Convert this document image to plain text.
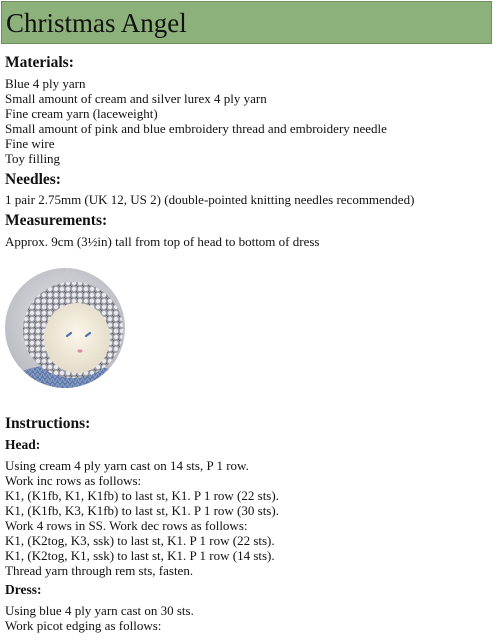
Christmas Angel
Materials:

Blue 4 ply yarn

Small amount of cream and silver lurex 4 ply yarn

Fine cream yarn (laceweight)

Small amount of pink and blue embroidery thread and embroidery needle

Fine wire

Toy filling

Needles:

1 pair 2.75mm (UK 12, US 2) (double-pointed knitting needles recommended)

Measurements:

Approx. 9cm (3½in) tall from top of head to bottom of dress

Instructions:
Head:

Using cream 4 ply yarn cast on 14 sts, P 1 row.

Work inc rows as follows:

K1, (K1fb, K1, K1fb) to last st, K1. P 1 row (22 sts).

K1, (K1fb, K3, K1fb) to last st, K1. P 1 row (30 sts).

Work 4 rows in SS. Work dec rows as follows:

K1, (K2tog, K3, ssk) to last st, K1. P 1 row (22 sts).

K1, (K2tog, K1, ssk) to last st, K1. P 1 row (14 sts).

Thread yarn through rem sts, fasten.

Dress:

Using blue 4 ply yarn cast on 30 sts.

Work picot edging as follows:
